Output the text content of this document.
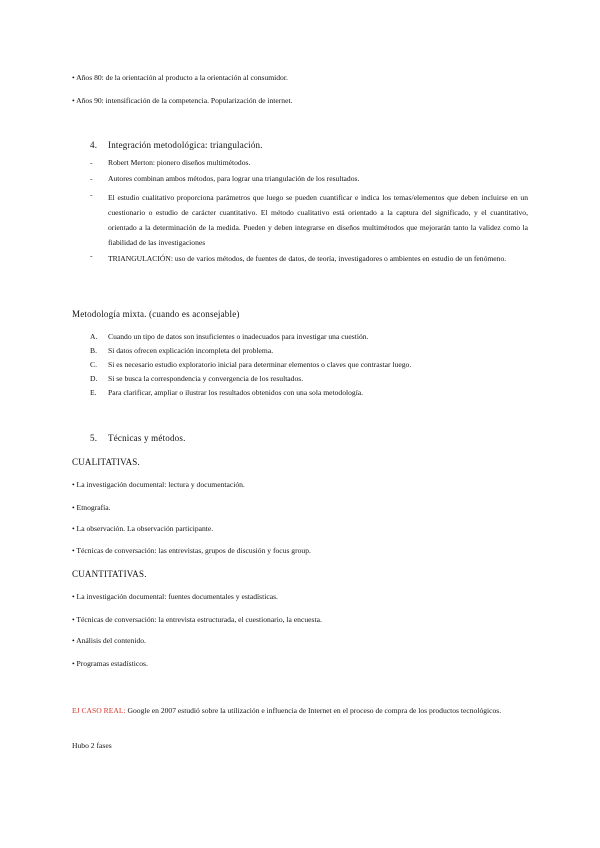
• Años 80: de la orientación al producto a la orientación al consumidor.
• Años 90: intensificación de la competencia. Popularización de internet.
4. Integración metodológica: triangulación.
- Robert Merton: pionero diseños multimétodos.
- Autores combinan ambos métodos, para lograr una triangulación de los resultados.
- El estudio cualitativo proporciona parámetros que luego se pueden cuantificar e indica los temas/elementos que deben incluirse en un cuestionario o estudio de carácter cuantitativo. El método cualitativo está orientado a la captura del significado, y el cuantitativo, orientado a la determinación de la medida. Pueden y deben integrarse en diseños multimétodos que mejorarán tanto la validez como la fiabilidad de las investigaciones
- TRIANGULACIÓN: uso de varios métodos, de fuentes de datos, de teoría, investigadores o ambientes en estudio de un fenómeno.
Metodología mixta. (cuando es aconsejable)
A. Cuando un tipo de datos son insuficientes o inadecuados para investigar una cuestión.
B. Si datos ofrecen explicación incompleta del problema.
C. Si es necesario estudio exploratorio inicial para determinar elementos o claves que contrastar luego.
D. Si se busca la correspondencia y convergencia de los resultados.
E. Para clarificar, ampliar o ilustrar los resultados obtenidos con una sola metodología.
5. Técnicas y métodos.
CUALITATIVAS.
• La investigación documental: lectura y documentación.
• Etnografía.
• La observación. La observación participante.
• Técnicas de conversación: las entrevistas, grupos de discusión y focus group.
CUANTITATIVAS.
• La investigación documental: fuentes documentales y estadísticas.
• Técnicas de conversación: la entrevista estructurada, el cuestionario, la encuesta.
• Análisis del contenido.
• Programas estadísticos.
EJ CASO REAL: Google en 2007 estudió sobre la utilización e influencia de Internet en el proceso de compra de los productos tecnológicos.
Hubo 2 fases
